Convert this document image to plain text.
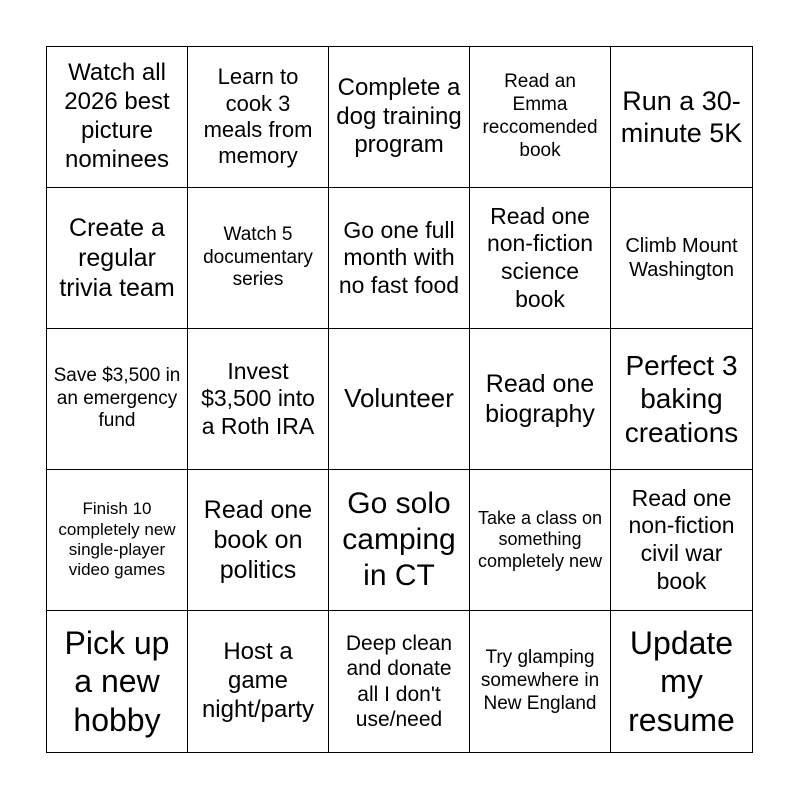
Watch all 2026 best picture nominees
Learn to cook 3 meals from memory
Complete a dog training program
Read an Emma reccomended book
Run a 30-minute 5K
Create a regular trivia team
Watch 5 documentary series
Go one full month with no fast food
Read one non-fiction science book
Climb Mount Washington
Save $3,500 in an emergency fund
Invest $3,500 into a Roth IRA
Volunteer	Read one biography
Perfect 3 baking creations
Finish 10 completely new single-player video games
Read one book on politics
Go solo camping in CT
Take a class on something completely new
Read one non-fiction civil war book
Pick up a new hobby
Host a game night/party
Deep clean and donate all I don't use/need
Try glamping somewhere in New England
Update my resume
